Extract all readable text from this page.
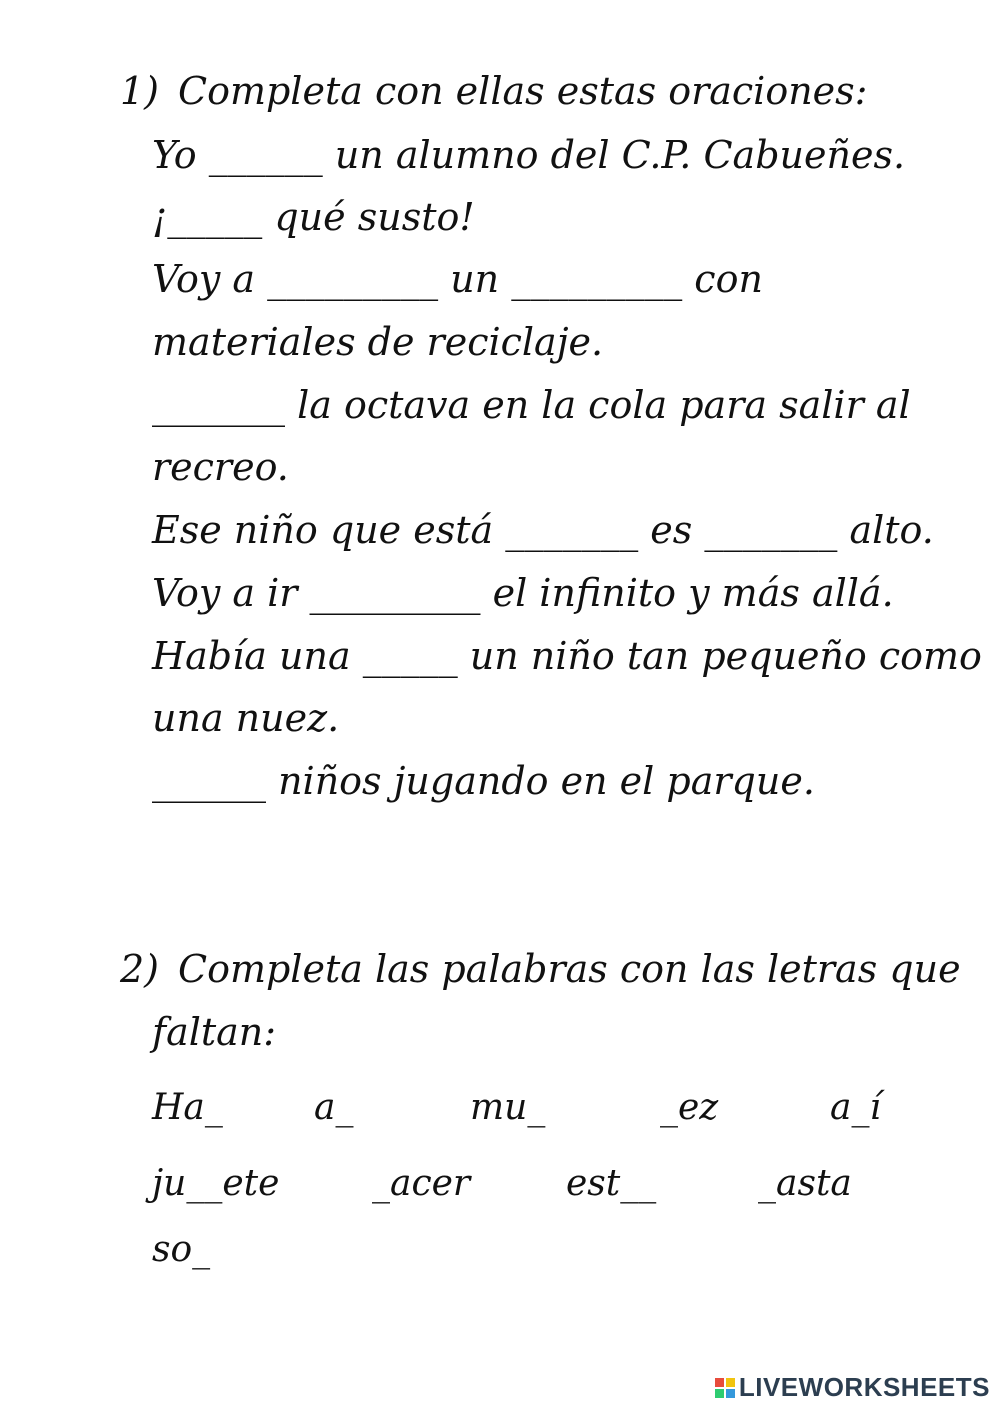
1) Completa con ellas estas oraciones:
Yo ______ un alumno del C.P. Cabueñes.
¡_____ qué susto!
Voy a _________ un _________ con
materiales de reciclaje.
_______ la octava en la cola para salir al
recreo.
Ese niño que está _______ es _______ alto.
Voy a ir _________ el infinito y más allá.
Había una _____ un niño tan pequeño como
una nuez.
______ niños jugando en el parque.
2) Completa las palabras con las letras que
faltan:
Ha_	a_	mu_	_ez	a_í
ju__ete	_acer	est__	_asta
so_
LIVEWORKSHEETS
